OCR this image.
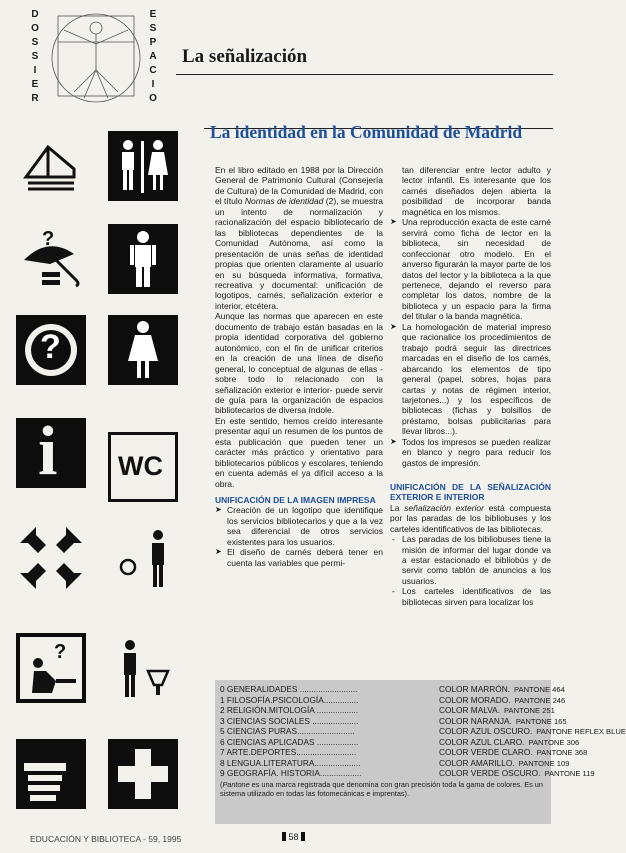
D
O
S
S
I
E
R
E
S
P
A
C
I
O
La señalización
?
?
i WC
?
La identidad en la Comunidad de Madrid

En el libro editado en 1988 por la Dirección General de Patrimonio Cultural (Consejería de Cultura) de la Comunidad de Madrid, con el título Normas de identidad (2), se muestra un intento de normalización y racionalización del espacio bibliotecario de las bibliotecas dependientes de la Comunidad Autónoma, así como la presentación de unas señas de identidad propias que orienten claramente al usuario en su búsqueda informativa, formativa, recreativa y documental: unificación de logotipos, carnés, señalización exterior e interior, etcétera.

Aunque las normas que aparecen en este documento de trabajo están basadas en la propia identidad corporativa del gobierno autonómico, con el fin de unificar criterios en la creación de una línea de diseño general, lo conceptual de algunas de ellas -sobre todo lo relacionado con la señalización exterior e interior- puede servir de guía para la organización de espacios bibliotecarios de diversa índole.

En este sentido, hemos creído interesante presentar aquí un resumen de los puntos de esta publicación que pueden tener un carácter más práctico y orientativo para bibliotecarios públicos y escolares, teniendo en cuenta además el ya difícil acceso a la obra.

UNIFICACIÓN DE LA IMAGEN IMPRESA
➤ Creación de un logotipo que identifique los servicios bibliotecarios y que a la vez sea diferencial de otros servicios existentes para los usuarios.
➤ El diseño de carnés deberá tener en cuenta las variables que permi-

tan diferenciar entre lector adulto y lector infantil. Es interesante que los carnés diseñados dejen abierta la posibilidad de incorporar banda magnética en los mismos.

➤ Una reproducción exacta de este carné servirá como ficha de lector en la biblioteca, sin necesidad de confeccionar otro modelo. En el anverso figurarán la mayor parte de los datos del lector y la biblioteca a la que pertenece, dejando el reverso para completar los datos, nombre de la biblioteca y un espacio para la firma del titular o la banda magnética.
➤ La homologación de material impreso que racionalice los procedimientos de trabajo podrá seguir las directrices marcadas en el diseño de los carnés, abarcando los elementos de tipo general (papel, sobres, hojas para cartas y notas de régimen interior, tarjetones...) y los específicos de bibliotecas (fichas y bolsillos de préstamo, bolsas publicitarias para llevar libros...).
➤ Todos los impresos se pueden realizar en blanco y negro para reducir los gastos de impresión.
UNIFICACIÓN DE LA SEÑALIZACIÓN EXTERIOR E INTERIOR

La señalización exterior está compuesta por las paradas de los bibliobuses y los carteles identificativos de las bibliotecas.

- Las paradas de los bibliobuses tiene la misión de informar del lugar donde va a estar estacionado el bibliobús y de servir como tablón de anuncios a los usuarios.
- Los carteles identificativos de las bibliotecas sirven para localizar los
0 GENERALIDADES .........................	COLOR MARRÓN. PANTONE 464
1 FILOSOFÍA.PSICOLOGÍA...............	COLOR MORADO. PANTONE 246
2 RELIGIÓN.MITOLOGÍA ..................	COLOR MALVA. PANTONE 251
3 CIENCIAS SOCIALES ....................	COLOR NARANJA. PANTONE 165
5 CIENCIAS PURAS.........................	COLOR AZUL OSCURO. PANTONE REFLEX BLUE
6 CIENCIAS APLICADAS ..................	COLOR AZUL CLARO. PANTONE 306
7 ARTE.DEPORTES..........................	COLOR VERDE CLARO. PANTONE 368
8 LENGUA.LITERATURA....................	COLOR AMARILLO. PANTONE 109
9 GEOGRAFÍA. HISTORIA..................	COLOR VERDE OSCURO. PANTONE 119
(Pantone es una marca registrada que denomina con gran precisión toda la gama de colores. Es un sistema utilizado en todas las fotomecánicas e imprentas).
EDUCACIÓN Y BIBLIOTECA - 59, 1995	58
